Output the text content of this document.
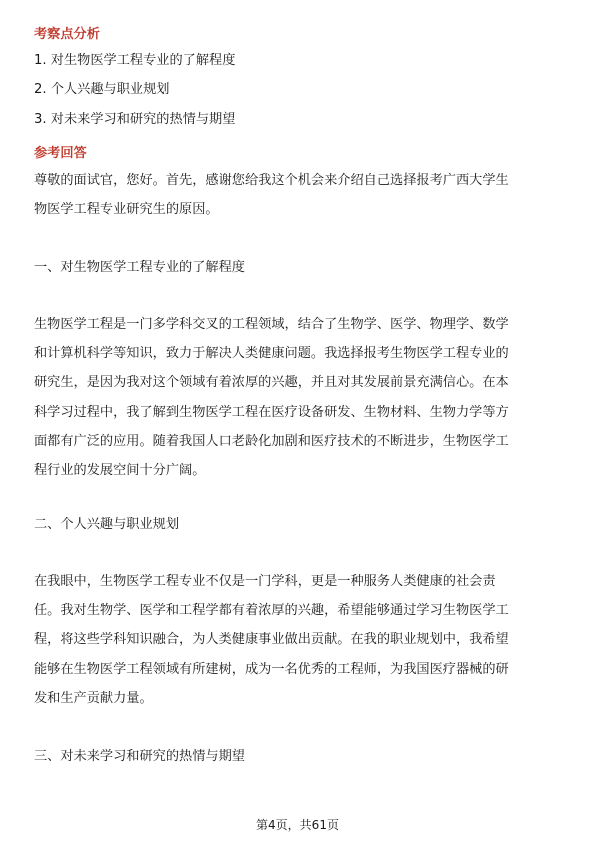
考察点分析
1. 对生物医学工程专业的了解程度
2. 个人兴趣与职业规划
3. 对未来学习和研究的热情与期望
参考回答
尊敬的面试官，您好。首先，感谢您给我这个机会来介绍自己选择报考广西大学生
物医学工程专业研究生的原因。
一、对生物医学工程专业的了解程度
生物医学工程是一门多学科交叉的工程领域，结合了生物学、医学、物理学、数学
和计算机科学等知识，致力于解决人类健康问题。我选择报考生物医学工程专业的
研究生，是因为我对这个领域有着浓厚的兴趣，并且对其发展前景充满信心。在本
科学习过程中，我了解到生物医学工程在医疗设备研发、生物材料、生物力学等方
面都有广泛的应用。随着我国人口老龄化加剧和医疗技术的不断进步，生物医学工
程行业的发展空间十分广阔。
二、个人兴趣与职业规划
在我眼中，生物医学工程专业不仅是一门学科，更是一种服务人类健康的社会责
任。我对生物学、医学和工程学都有着浓厚的兴趣，希望能够通过学习生物医学工
程，将这些学科知识融合，为人类健康事业做出贡献。在我的职业规划中，我希望
能够在生物医学工程领域有所建树，成为一名优秀的工程师，为我国医疗器械的研
发和生产贡献力量。
三、对未来学习和研究的热情与期望
第4页，共61页
